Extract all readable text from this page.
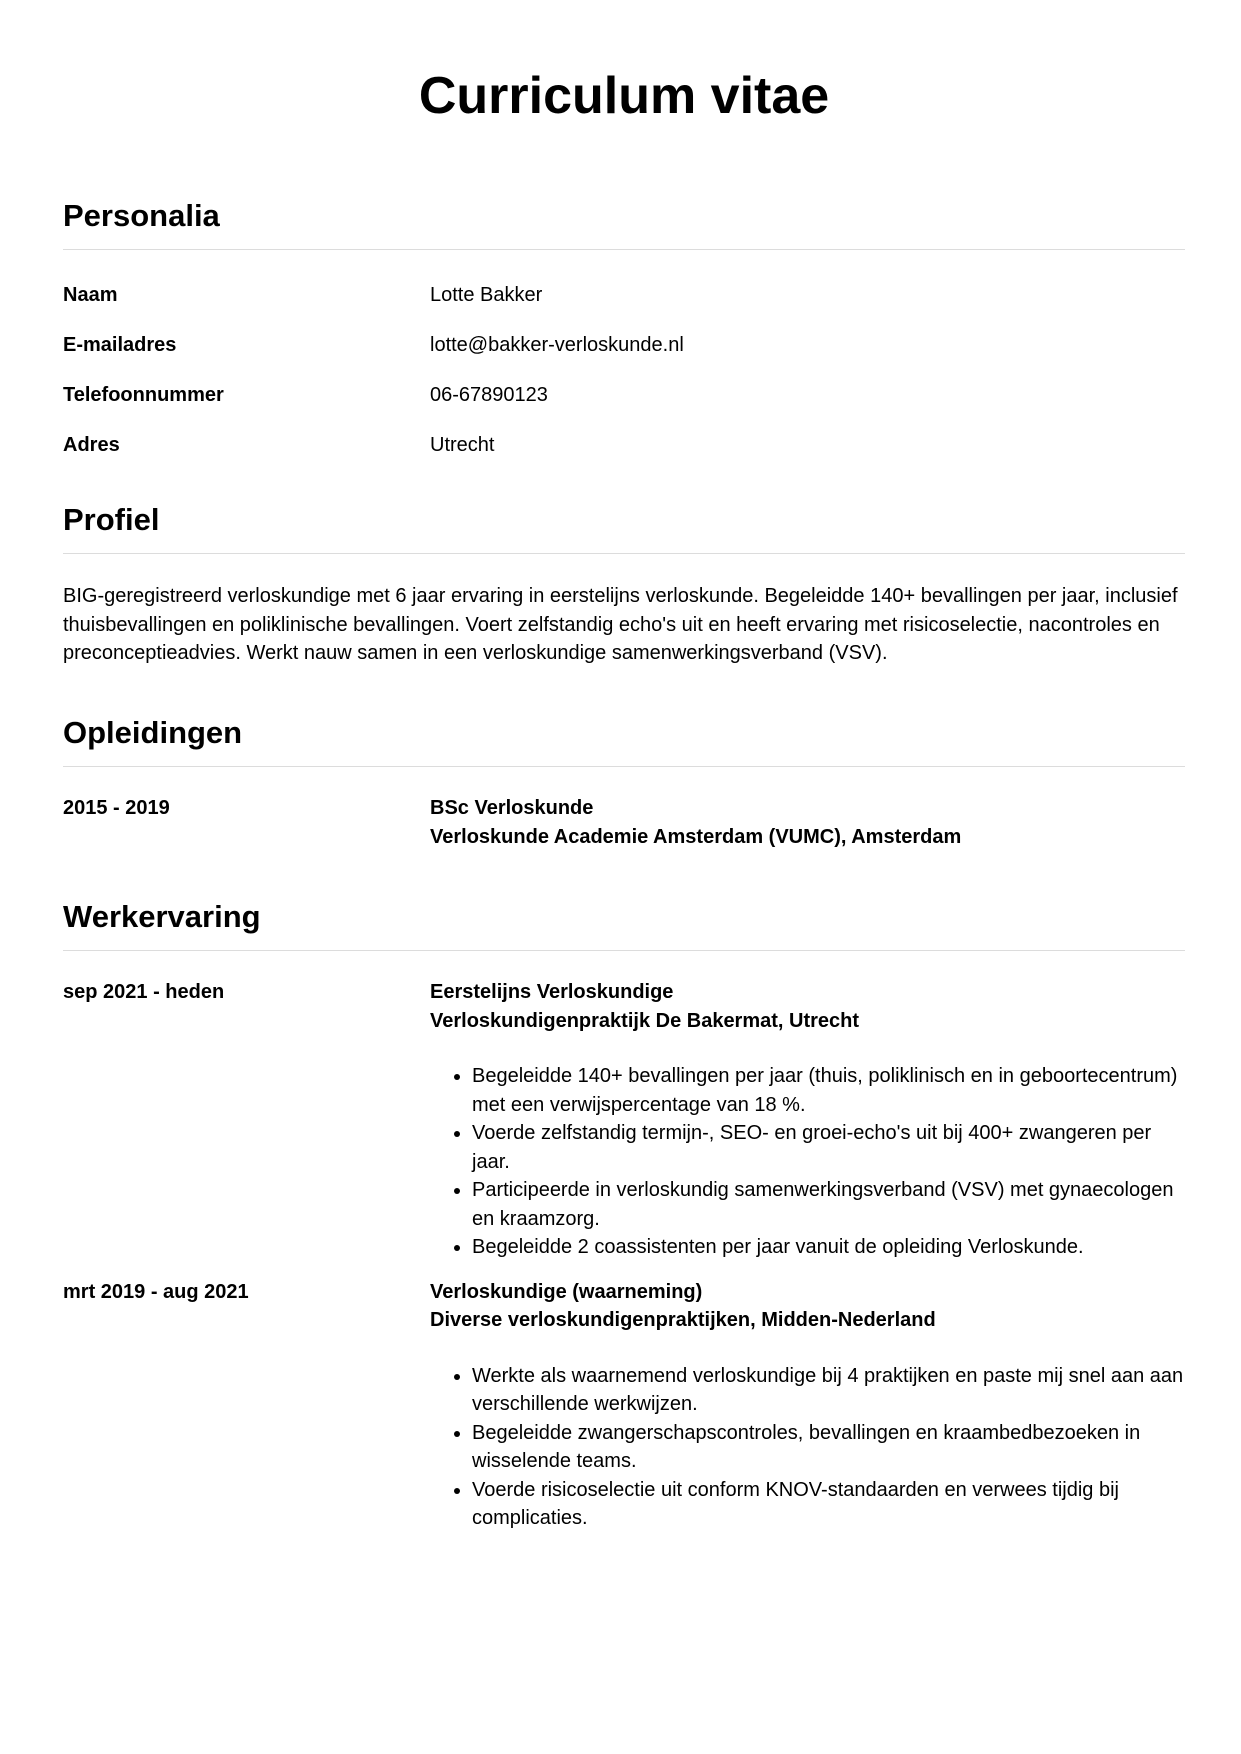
Curriculum vitae
Personalia
Naam	Lotte Bakker
E-mailadres	lotte@bakker-verloskunde.nl
Telefoonnummer	06-67890123
Adres	Utrecht
Profiel

BIG-geregistreerd verloskundige met 6 jaar ervaring in eerstelijns verloskunde. Begeleidde 140+ bevallingen per jaar, inclusief thuisbevallingen en poliklinische bevallingen. Voert zelfstandig echo's uit en heeft ervaring met risicoselectie, nacontroles en preconceptieadvies. Werkt nauw samen in een verloskundige samenwerkingsverband (VSV).

Opleidingen
2015 - 2019	BSc Verloskunde
Verloskunde Academie Amsterdam (VUMC), Amsterdam
Werkervaring
sep 2021 - heden	Eerstelijns Verloskundige
Verloskundigenpraktijk De Bakermat, Utrecht
• Begeleidde 140+ bevallingen per jaar (thuis, poliklinisch en in geboortecentrum) met een verwijspercentage van 18 %.
• Voerde zelfstandig termijn-, SEO- en groei-echo's uit bij 400+ zwangeren per jaar.
• Participeerde in verloskundig samenwerkingsverband (VSV) met gynaecologen en kraamzorg.
• Begeleidde 2 coassistenten per jaar vanuit de opleiding Verloskunde.
mrt 2019 - aug 2021	Verloskundige (waarneming)
Diverse verloskundigenpraktijken, Midden-Nederland
• Werkte als waarnemend verloskundige bij 4 praktijken en paste mij snel aan aan verschillende werkwijzen.
• Begeleidde zwangerschapscontroles, bevallingen en kraambedbezoeken in wisselende teams.
• Voerde risicoselectie uit conform KNOV-standaarden en verwees tijdig bij complicaties.
